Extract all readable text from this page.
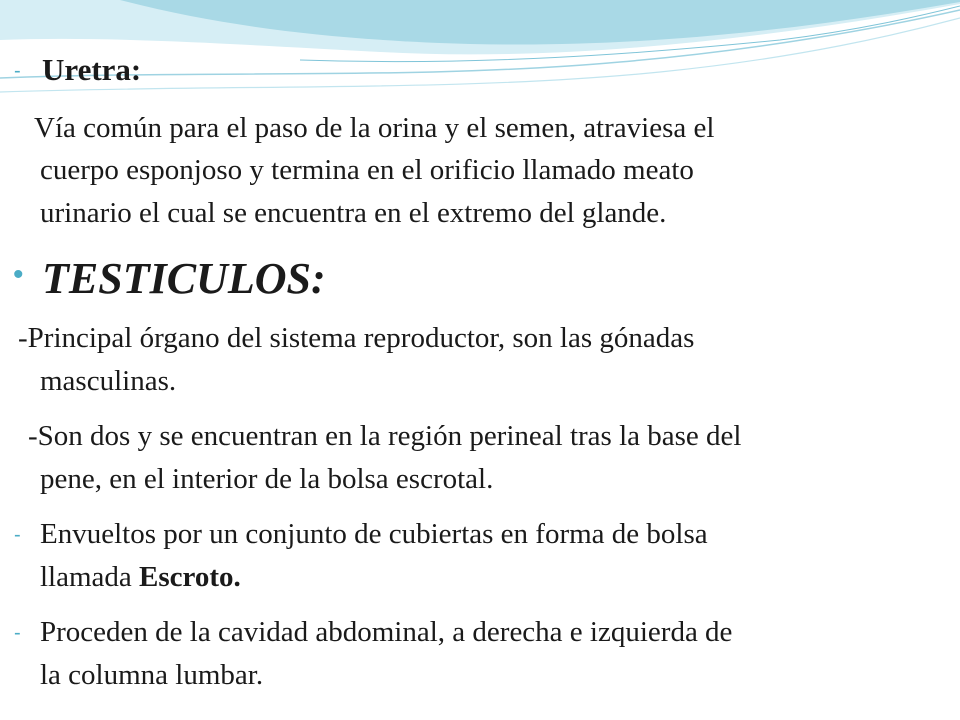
- Uretra:
Vía común para el paso de la orina y el semen, atraviesa el
cuerpo esponjoso y termina en el orificio llamado meato
urinario el cual se encuentra en el extremo del glande.
• TESTICULOS:
-Principal órgano del sistema reproductor, son las gónadas
masculinas.
-Son dos y se encuentran en la región perineal tras la base del
pene, en el interior de la bolsa escrotal.
- Envueltos por un conjunto de cubiertas en forma de bolsa
llamada Escroto.
- Proceden de la cavidad abdominal, a derecha e izquierda de
la columna lumbar.
